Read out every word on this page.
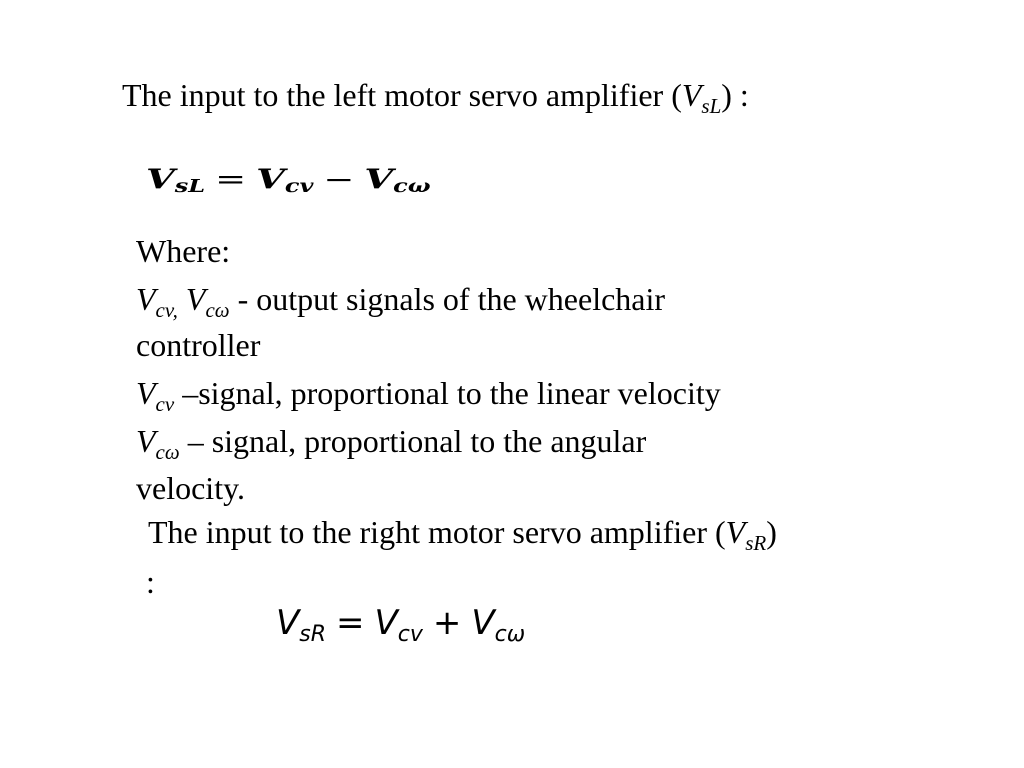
The input to the left motor servo amplifier $(V_{sL})$ :
VsL = Vcv − Vcω
Where:
$V_{cv,}$ $V_{c\omega}$ - output signals of the wheelchair
controller
$V_{cv}$ –signal, proportional to the linear velocity
$V_{c\omega}$ – signal, proportional to the angular
velocity.
The input to the right motor servo amplifier $(V_{sR})$
:
$V_{sR} = V_{cv} + V_{c\omega}$
